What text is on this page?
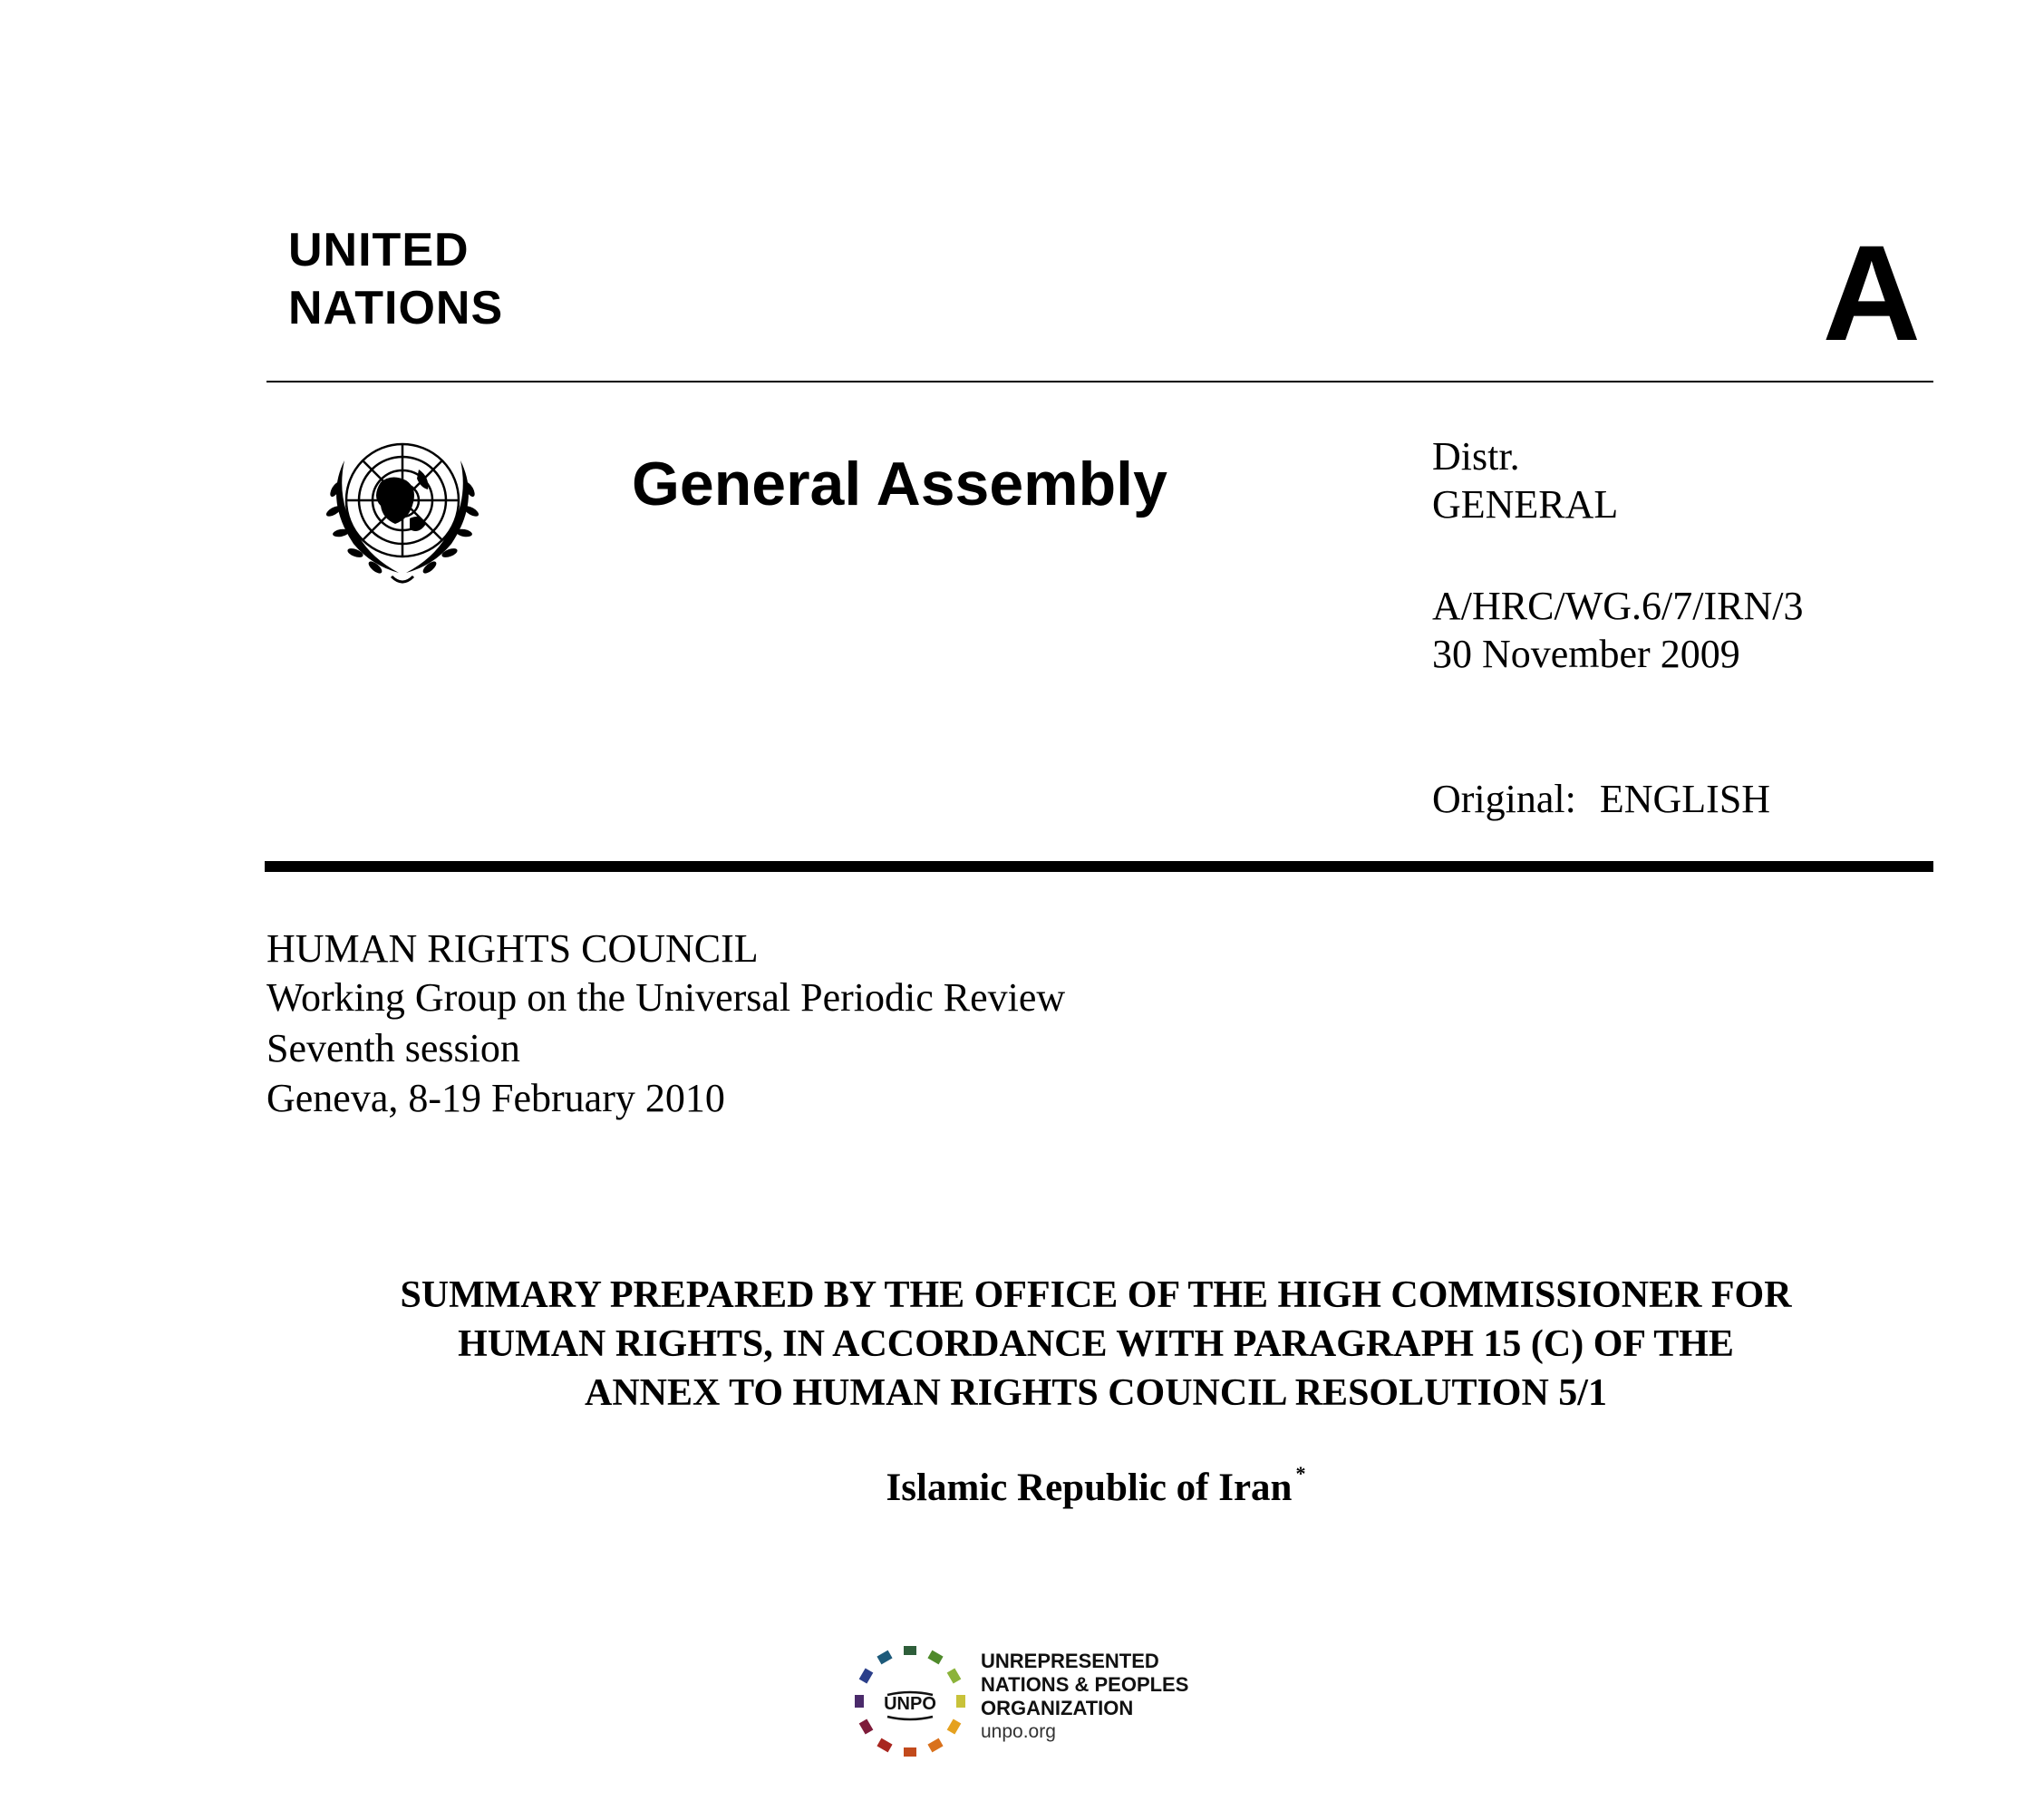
UNITED
NATIONS	A
General Assembly	Distr.
GENERAL
A/HRC/WG.6/7/IRN/3
30 November 2009
Original: ENGLISH
HUMAN RIGHTS COUNCIL
Working Group on the Universal Periodic Review
Seventh session
Geneva, 8-19 February 2010
SUMMARY PREPARED BY THE OFFICE OF THE HIGH COMMISSIONER FOR
HUMAN RIGHTS, IN ACCORDANCE WITH PARAGRAPH 15 (C) OF THE
ANNEX TO HUMAN RIGHTS COUNCIL RESOLUTION 5/1
Islamic Republic of Iran *
UNPO
UNREPRESENTED
NATIONS & PEOPLES
ORGANIZATION
unpo.org
